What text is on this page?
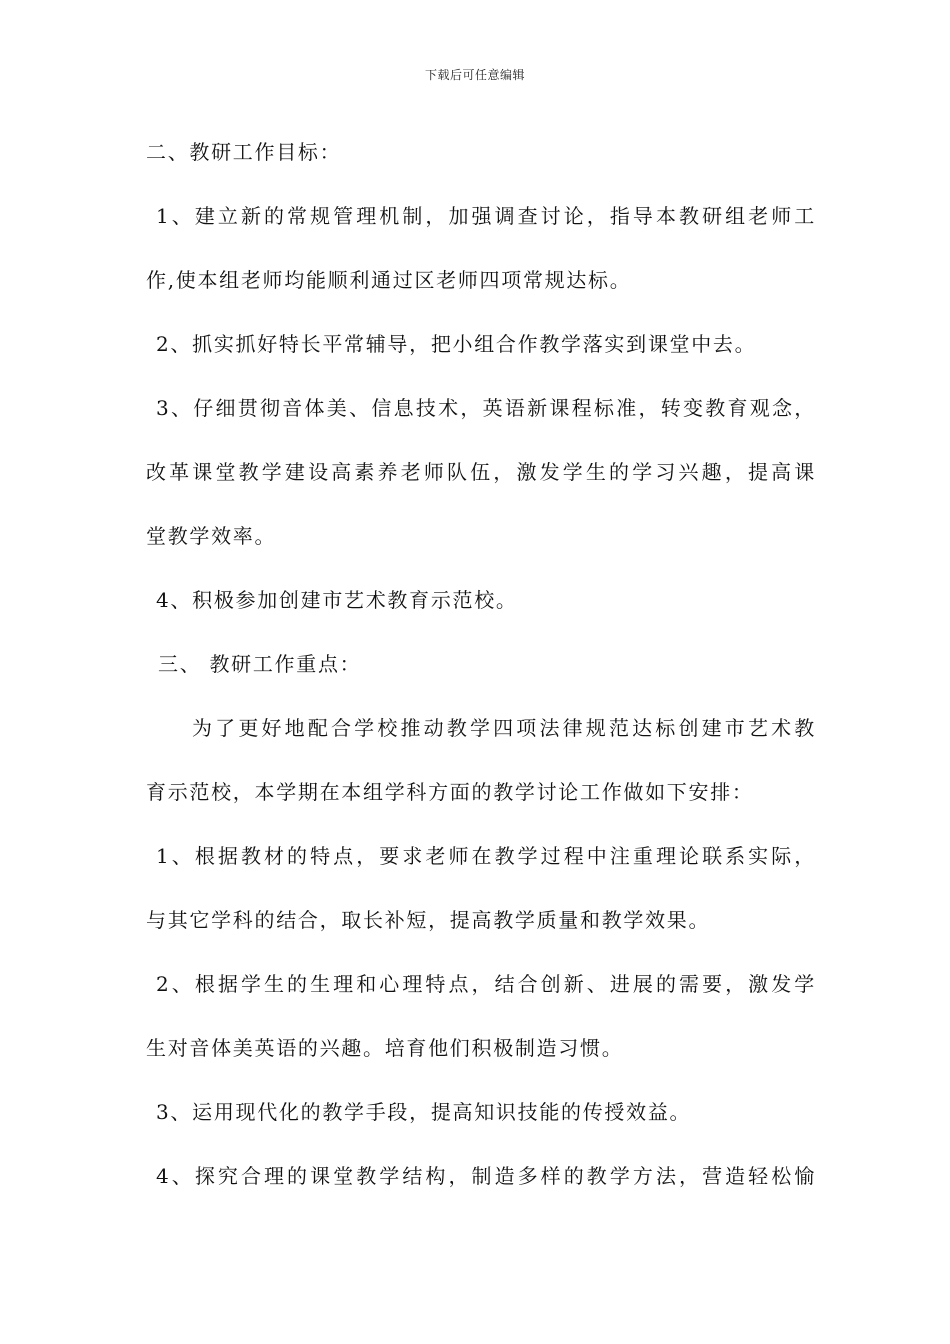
下载后可任意编辑
二、教研工作目标：
1、建立新的常规管理机制，加强调查讨论，指导本教研组老师工
作,使本组老师均能顺利通过区老师四项常规达标。
2、抓实抓好特长平常辅导，把小组合作教学落实到课堂中去。
3、仔细贯彻音体美、信息技术，英语新课程标准，转变教育观念，
改革课堂教学建设高素养老师队伍，激发学生的学习兴趣，提高课
堂教学效率。
4、积极参加创建市艺术教育示范校。
三、 教研工作重点：
为了更好地配合学校推动教学四项法律规范达标创建市艺术教
育示范校，本学期在本组学科方面的教学讨论工作做如下安排：
1、根据教材的特点，要求老师在教学过程中注重理论联系实际，
与其它学科的结合，取长补短，提高教学质量和教学效果。
2、根据学生的生理和心理特点，结合创新、进展的需要，激发学
生对音体美英语的兴趣。培育他们积极制造习惯。
3、运用现代化的教学手段，提高知识技能的传授效益。
4、探究合理的课堂教学结构，制造多样的教学方法，营造轻松愉
